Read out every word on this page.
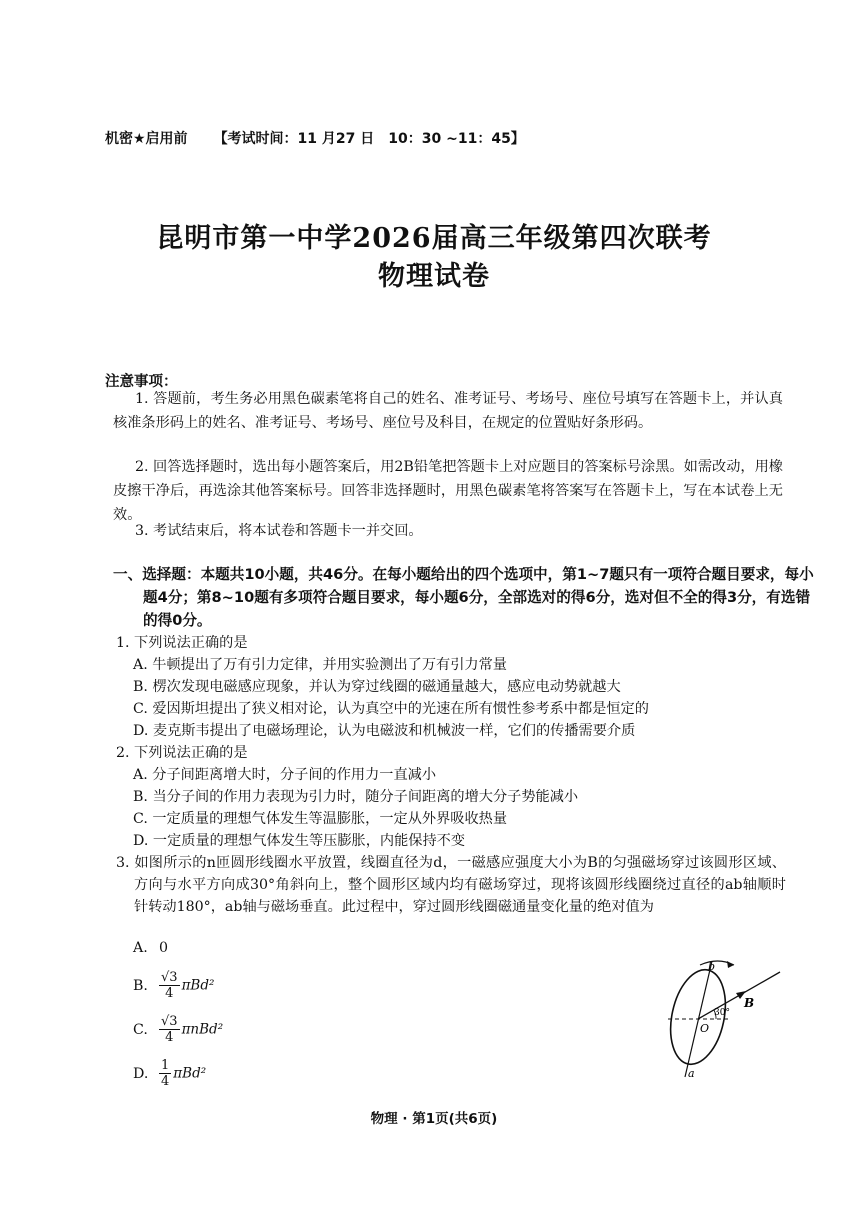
机密★启用前 【考试时间：11 月27 日　10：30 ~11：45】
昆明市第一中学2026届高三年级第四次联考
物理试卷
注意事项：
1. 答题前，考生务必用黑色碳素笔将自己的姓名、准考证号、考场号、座位号填写在答题卡上，并认真核准条形码上的姓名、准考证号、考场号、座位号及科目，在规定的位置贴好条形码。
2. 回答选择题时，选出每小题答案后，用2B铅笔把答题卡上对应题目的答案标号涂黑。如需改动，用橡皮擦干净后，再选涂其他答案标号。回答非选择题时，用黑色碳素笔将答案写在答题卡上，写在本试卷上无效。
3. 考试结束后，将本试卷和答题卡一并交回。
一、选择题：本题共10小题，共46分。在每小题给出的四个选项中，第1~7题只有一项符合题目要求，每小题4分；第8~10题有多项符合题目要求，每小题6分，全部选对的得6分，选对但不全的得3分，有选错的得0分。
1. 下列说法正确的是
A. 牛顿提出了万有引力定律，并用实验测出了万有引力常量
B. 楞次发现电磁感应现象，并认为穿过线圈的磁通量越大，感应电动势就越大
C. 爱因斯坦提出了狭义相对论，认为真空中的光速在所有惯性参考系中都是恒定的
D. 麦克斯韦提出了电磁场理论，认为电磁波和机械波一样，它们的传播需要介质
2. 下列说法正确的是
A. 分子间距离增大时，分子间的作用力一直减小
B. 当分子间的作用力表现为引力时，随分子间距离的增大分子势能减小
C. 一定质量的理想气体发生等温膨胀，一定从外界吸收热量
D. 一定质量的理想气体发生等压膨胀，内能保持不变
3. 如图所示的n匝圆形线圈水平放置，线圈直径为d，一磁感应强度大小为B的匀强磁场穿过该圆形区域、方向与水平方向成30°角斜向上，整个圆形区域内均有磁场穿过，现将该圆形线圈绕过直径的ab轴顺时针转动180°，ab轴与磁场垂直。此过程中，穿过圆形线圈磁通量变化量的绝对值为
A. 0
B. $\frac{√3}{4} \pi Bd^2$
C. $\frac{√3}{4} \pi nBd^2$
D. $\frac{1}{4} \pi Bd^2$
b
a
O
B
30°
物理 · 第1页(共6页)
